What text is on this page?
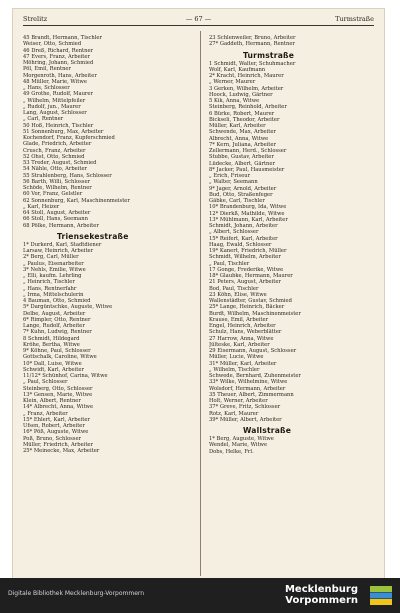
Strelitz	— 67 —	Turmstraße
45 Brandt, Hermann, Tischler
Weiser, Otto, Schmied
46 Dreß, Richard, Rentner
47 Evers, Franz, Arbeiter
Möhring, Johann, Schmied
Pöl, Emil, Rentner
Morgenroth, Hans, Arbeiter
48 Müller, Marie, Witwe
„ Hans, Schlosser
49 Grothe, Rudolf, Maurer
„ Wilhelm, Mittelpfeiler
„ Rudolf, jun., Maurer
Lang, August, Schlosser
„ Carl, Rentner
50 Hoß, Heinrich, Tischler
51 Sonnenburg, Max, Arbeiter
Kochendorf, Franz, Kupferschmied
Glade, Friedrich, Arbeiter
Crusch, Franz, Arbeiter
52 Ohst, Otto, Schmied
53 Treder, August, Schmied
54 Nähle, Otto, Arbeiter
55 Strahlenberg, Hans, Schlosser
56 Barth, Willi, Schlosser
Schöde, Wilhelm, Rentner
60 Vor, Franz, Gelstler
62 Sonnenburg, Karl, Maschinenmeister
„ Karl, Heizer
64 Stoll, August, Arbeiter
66 Stoll, Hans, Seemann
68 Pölke, Hermann, Arbeiter
Triensekestraße
1* Durkerd, Karl, Stadtdiener
Larsaw, Heinrich, Arbeiter
2* Berg, Carl, Müller
„ Paulus, Eisenarbeiter
3* Nehls, Emilie, Witwe
„ Elli, kaufm. Lehrling
„ Heinrich, Tischler
„ Hans, Rentnerfahr
„ Irma, Mittelschulerin
4 Bauman, Otto, Schmied
5* Dargüntschke, Auguste, Witwe
Delbe, August, Arbeiter
6* Rimpler, Otto, Rentner
Lange, Rudolf, Arbeiter
7* Kuhn, Ludwig, Rentner
8 Schmidt, Hildegard
Kröhe, Bertha, Witwe
9* Köhne, Paul, Schlosser
Gottschalk, Caroline, Witwe
10* Dall, Luise, Witwe
Schwidt, Karl, Arbeiter
11/12* Schünhof, Carina, Witwe
„ Paul, Schlosser
Steinberg, Otto, Schlosser
13* Gensen, Marie, Witwe
Klein, Albert, Rentner
14* Albrecht, Anna, Witwe
„ Franz, Arbeiter
15* Ehlert, Karl, Arbeiter
Ufsen, Robert, Arbeiter
16* Pöß, Auguste, Witwe
Poß, Bruno, Schlosser
Müller, Friedrich, Arbeiter
25* Meinecke, Max, Arbeiter
23 Schlenweiler, Bruno, Arbeiter
27* Gaddeth, Hermann, Rentner
Turmstraße
1 Schmidt, Walter, Schuhmacher
Wolf, Karl, Kaufmann
2* Kracht, Heinrich, Maurer
„ Werner, Maurer
3 Gerken, Wilhelm, Arbeiter
Hoock, Ludwig, Gärtner
5 Kik, Anna, Witwe
Steinberg, Reinhold, Arbeiter
6 Bürke, Robert, Maurer
Bickseli, Theodor, Arbeiter
Müller, Karl, Arbeiter
Schwende, Max, Arbeiter
Albrecht, Anna, Witwe
7* Kern, Juliana, Arbeiter
Zellermann, Herd., Schlosser
Stubbe, Gustav, Arbeiter
Lüdecke, Albert, Gärtner
8* Jacker, Paul, Hausmeister
„ Erich, Friseur
„ Walter, Seemann
9* Jager, Arnold, Arbeiter
Bud, Otto, Straßenfeger
Gäbke, Carl, Tischler
10* Brandenburg, Ida, Witwe
12* Dierkß, Mathilde, Witwe
13* Mühlmann, Karl, Arbeiter
Schmidt, Johann, Arbeiter
„ Albert, Schlosser
15* Reifert, Karl, Arbeiter
Haag, Ewald, Schlosser
19* Kanert, Friedrich, Müller
Schmidt, Wilhelm, Arbeiter
„ Paul, Tischler
17 Gonge, Frederike, Witwe
18* Glaubke, Hermann, Maurer
21 Peters, August, Arbeiter
Bod, Paul, Tischler
23 Köhn, Elise, Witwe
Wallenstädter, Gustav, Schmied
25* Lange, Heinrich, Bäcker
Burdt, Wilhelm, Maschinenmeister
Krause, Emil, Arbeiter
Engel, Heinrich, Arbeiter
Schulz, Hans, Weberblätter
27 Harrow, Anna, Witwe
Jülteske, Karl, Arbeiter
29 Eisermann, August, Schlosser
Müller, Lucie, Witwe
31* Müller, Karl, Arbeiter
„ Wilhelm, Tischler
Schwede, Bernhard, Zuhenmeister
33* Wilke, Wilhelmine, Witwe
Wolsdorf, Hermann, Arbeiter
35 Theuer, Albert, Zimmermann
Holt, Werner, Arbeiter
37* Greve, Fritz, Schlosser
Rotz, Karl, Maurer
39* Müller, Albert, Arbeiter
Wallstraße
1* Berg, Auguste, Witwe
Wendel, Marie, Witwe
Dobs, Helke, Frl.
Digitale Bibliothek Mecklenburg-Vorpommern	Mecklenburg
Vorpommern
